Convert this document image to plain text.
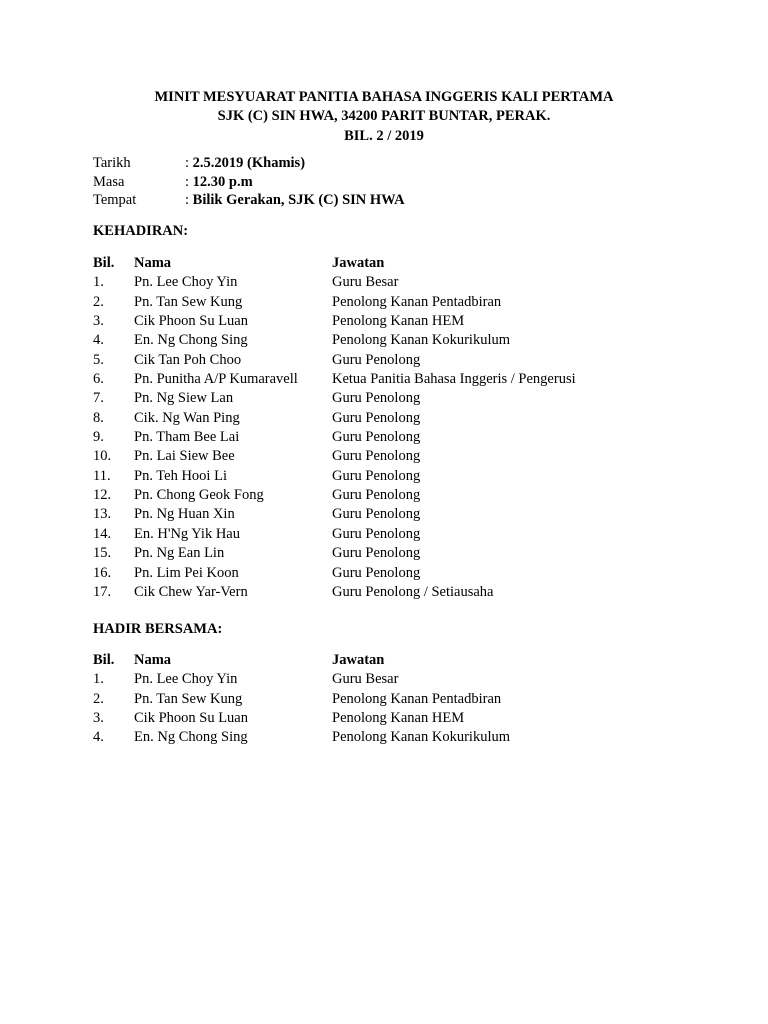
MINIT MESYUARAT PANITIA BAHASA INGGERIS KALI PERTAMA
SJK (C) SIN HWA, 34200 PARIT BUNTAR, PERAK.
BIL. 2 / 2019
Tarikh	: 2.5.2019 (Khamis)
Masa	: 12.30 p.m
Tempat	: Bilik Gerakan, SJK (C) SIN HWA
KEHADIRAN:
Bil.	Nama	Jawatan
1.	Pn. Lee Choy Yin	Guru Besar
2.	Pn. Tan Sew Kung	Penolong Kanan Pentadbiran
3.	Cik Phoon Su Luan	Penolong Kanan HEM
4.	En. Ng Chong Sing	Penolong Kanan Kokurikulum
5.	Cik Tan Poh Choo	Guru Penolong
6.	Pn. Punitha A/P Kumaravell	Ketua Panitia Bahasa Inggeris / Pengerusi
7.	Pn. Ng Siew Lan	Guru Penolong
8.	Cik. Ng Wan Ping	Guru Penolong
9.	Pn. Tham Bee Lai	Guru Penolong
10.	Pn. Lai Siew Bee	Guru Penolong
11.	Pn. Teh Hooi Li	Guru Penolong
12.	Pn. Chong Geok Fong	Guru Penolong
13.	Pn. Ng Huan Xin	Guru Penolong
14.	En. H'Ng Yik Hau	Guru Penolong
15.	Pn. Ng Ean Lin	Guru Penolong
16.	Pn. Lim Pei Koon	Guru Penolong
17.	Cik Chew Yar-Vern	Guru Penolong / Setiausaha
HADIR BERSAMA:
Bil.	Nama	Jawatan
1.	Pn. Lee Choy Yin	Guru Besar
2.	Pn. Tan Sew Kung	Penolong Kanan Pentadbiran
3.	Cik Phoon Su Luan	Penolong Kanan HEM
4.	En. Ng Chong Sing	Penolong Kanan Kokurikulum
